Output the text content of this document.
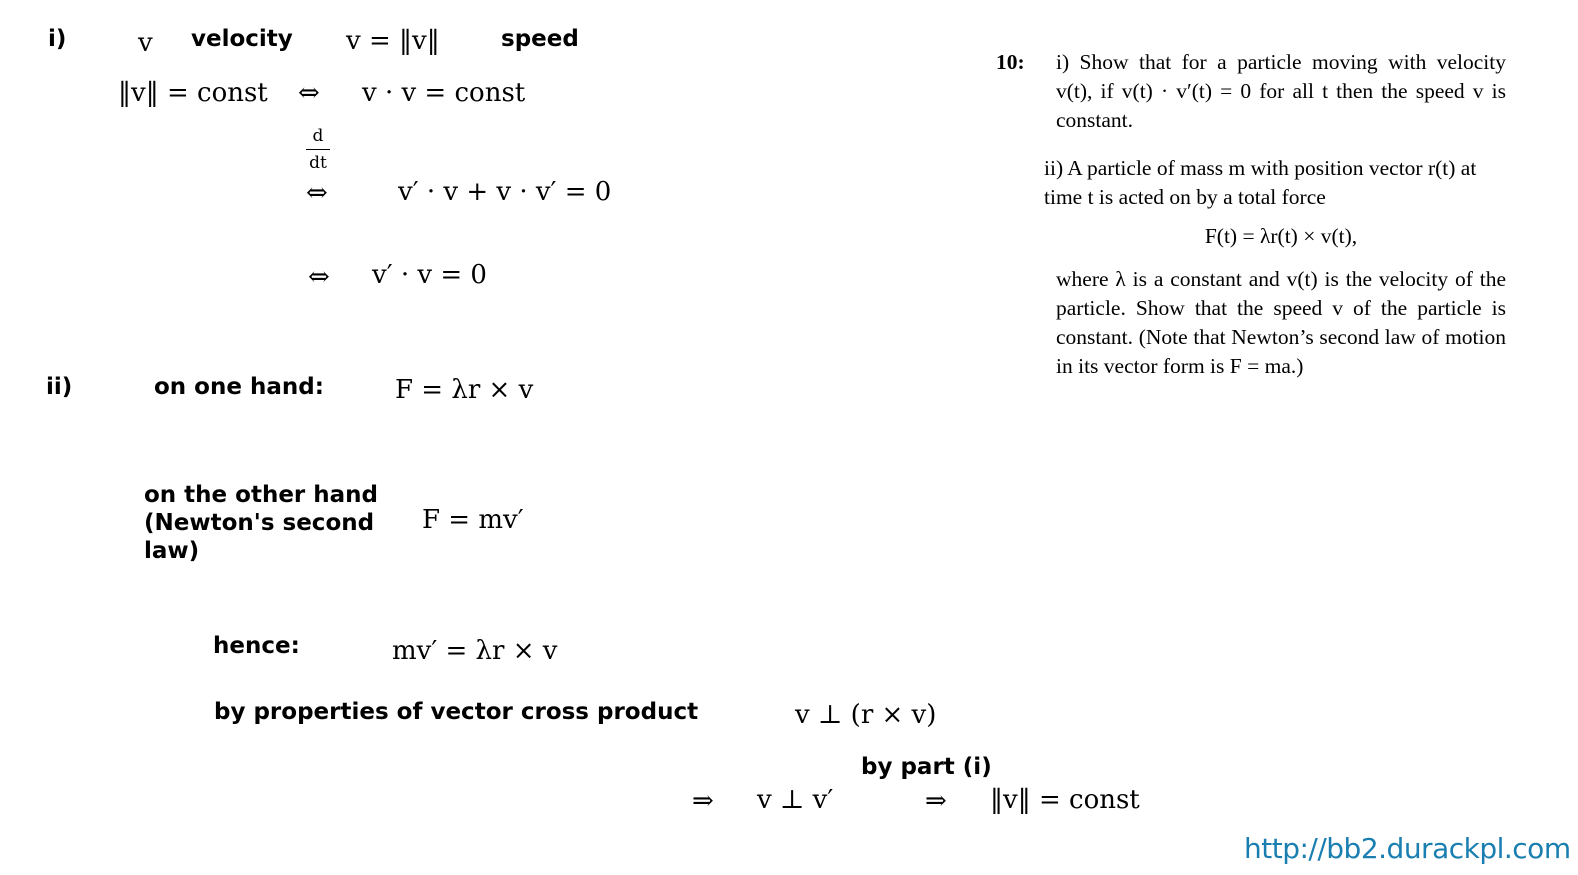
i)	v velocity v = ‖v‖	speed
‖v‖ = const ⇔ v · v = const
d
dt
⇔	v′ · v + v · v′ = 0
⇔ v′ · v = 0
ii)	on one hand:	F = λr × v
on the other hand (Newton's second law)
F = mv′
hence:	mv′ = λr × v
by properties of vector cross product	v ⊥ (r × v)
by part (i)
⇒ v ⊥ v′	⇒ ‖v‖ = const
10: i) Show that for a particle moving with velocity v(t), if v(t) · v′(t) = 0 for all t then the speed v is constant.
ii) A particle of mass m with position vector r(t) at time t is acted on by a total force
F(t) = λr(t) × v(t),
where λ is a constant and v(t) is the velocity of the particle. Show that the speed v of the particle is constant. (Note that Newton’s second law of motion in its vector form is F = ma.)
http://bb2.durackpl.com
